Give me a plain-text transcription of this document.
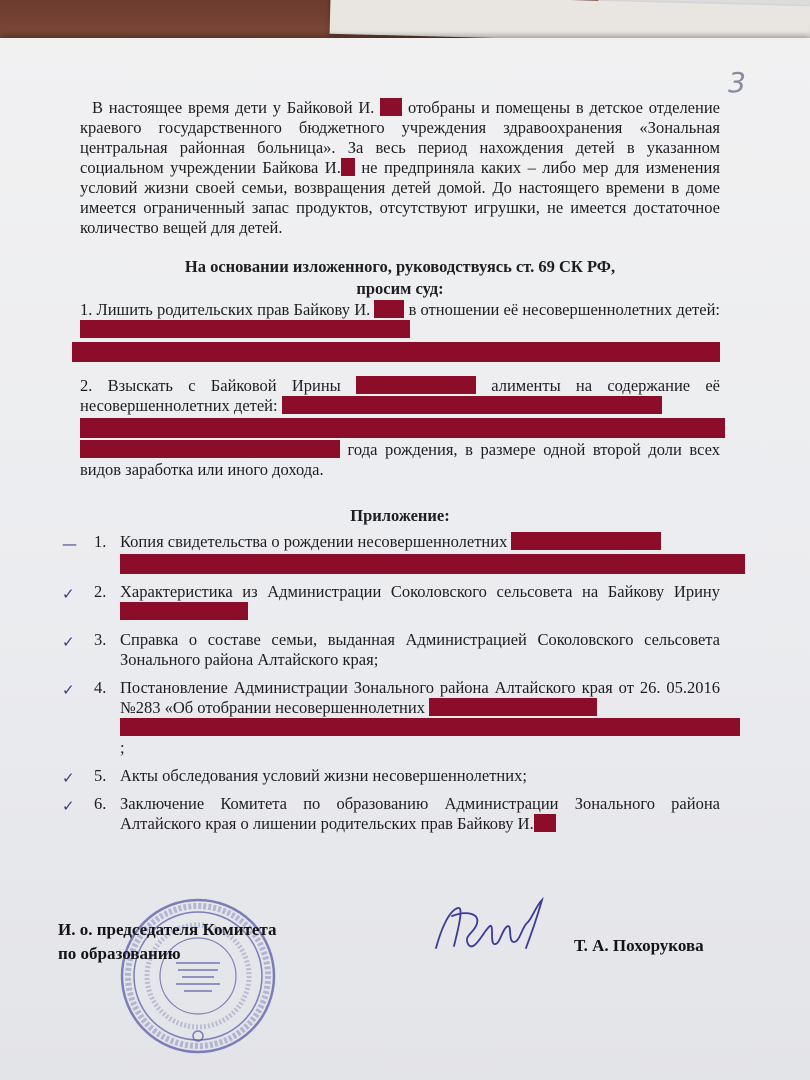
3

В настоящее время дети у Байковой И.  отобраны и помещены в детское отделение краевого государственного бюджетного учреждения здравоохранения «Зональная центральная районная больница». За весь период нахождения детей в указанном социальном учреждении Байкова И. не предприняла каких – либо мер для изменения условий жизни своей семьи, возвращения детей домой. До настоящего времени в доме имеется ограниченный запас продуктов, отсутствуют игрушки, не имеется достаточное количество вещей для детей.

На основании изложенного, руководствуясь ст. 69 СК РФ,

просим суд:

1. Лишить родительских прав Байкову И.  в отношении её несовершеннолетних детей:
2. Взыскать с Байковой Ирины	алименты на содержание её несовершеннолетних детей:
года рождения, в размере одной второй доли всех видов заработка или иного дохода.
Приложение:
— 1. Копия свидетельства о рождении несовершеннолетних
✓ 2. Характеристика из Администрации Соколовского сельсовета на Байкову Ирину
✓ 3. Справка о составе семьи, выданная Администрацией Соколовского сельсовета Зонального района Алтайского края;
✓ 4. Постановление Администрации Зонального района Алтайского края от 26. 05.2016 №283 «Об отобрании несовершеннолетних
;
✓ 5. Акты обследования условий жизни несовершеннолетних;
✓ 6. Заключение Комитета по образованию Администрации Зонального района Алтайского края о лишении родительских прав Байкову И.
И. о. председателя Комитета
по образованию	Т. А. Похорукова
